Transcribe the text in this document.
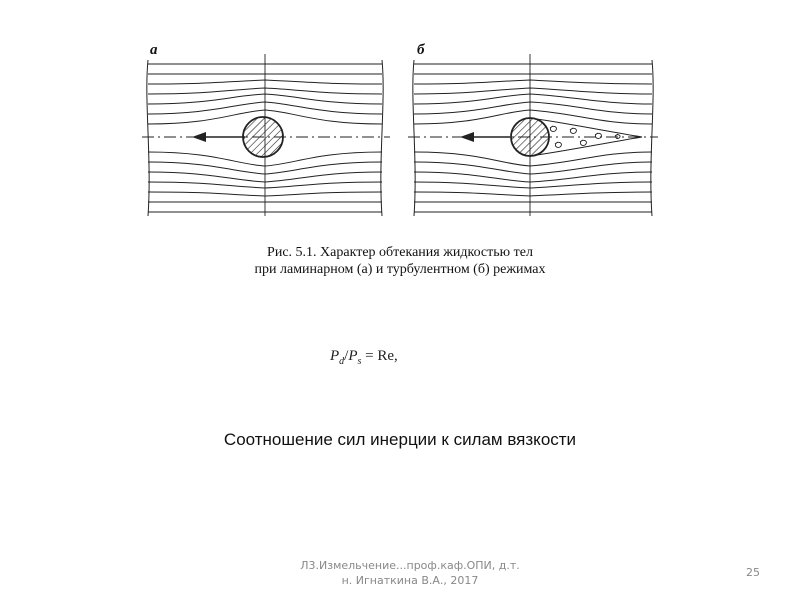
а	б
Рис. 5.1. Характер обтекания жидкостью тел
при ламинарном (а) и турбулентном (б) режимах
$P_d/P_s = Re$,
Соотношение сил инерции к силам вязкости
Л3.Измельчение...проф.каф.ОПИ, д.т.
н. Игнаткина В.А., 2017
25
